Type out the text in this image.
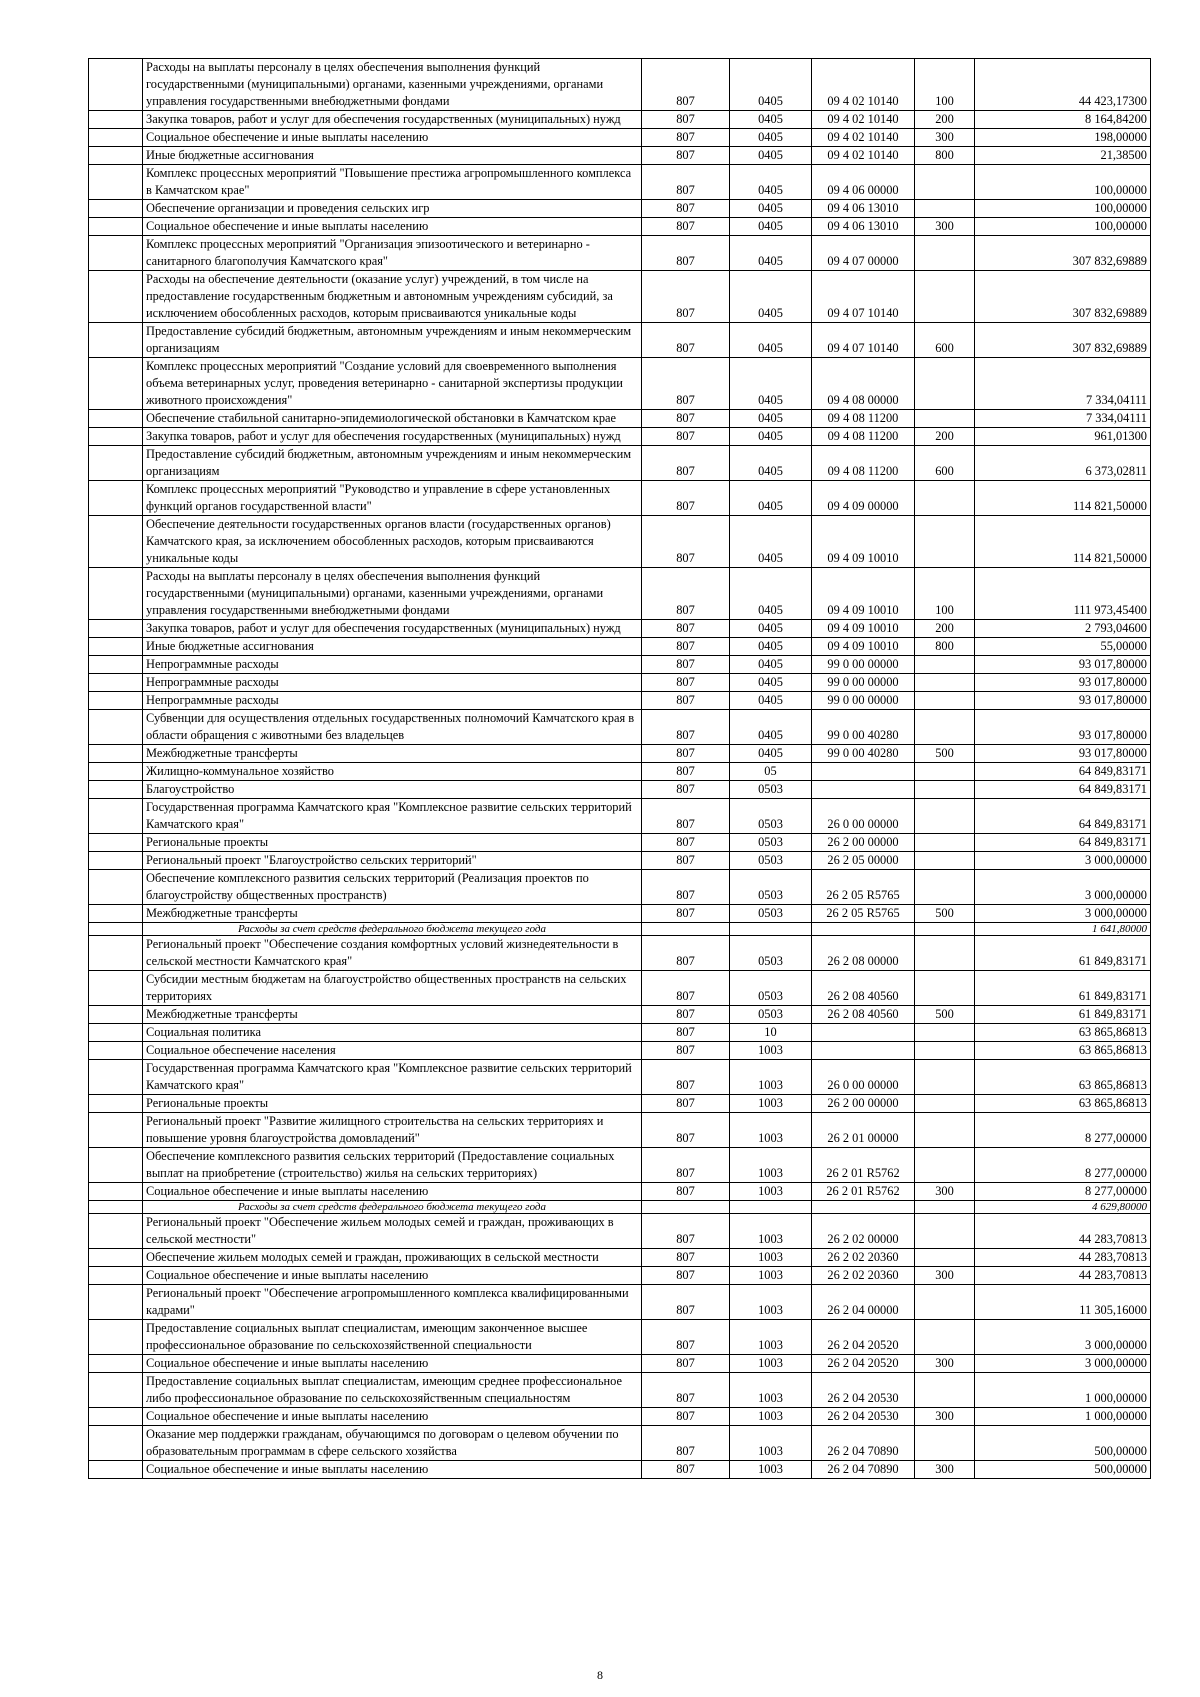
	Расходы на выплаты персоналу в целях обеспечения выполнения функций государственными (муниципальными) органами, казенными учреждениями, органами управления государственными внебюджетными фондами	807	0405	09 4 02 10140	100	44 423,17300
	Закупка товаров, работ и услуг для обеспечения государственных (муниципальных) нужд	807	0405	09 4 02 10140	200	8 164,84200
	Социальное обеспечение и иные выплаты населению	807	0405	09 4 02 10140	300	198,00000
	Иные бюджетные ассигнования	807	0405	09 4 02 10140	800	21,38500
	Комплекс процессных мероприятий "Повышение престижа агропромышленного комплекса в Камчатском крае"	807	0405	09 4 06 00000		100,00000
	Обеспечение организации и проведения сельских игр	807	0405	09 4 06 13010		100,00000
	Социальное обеспечение и иные выплаты населению	807	0405	09 4 06 13010	300	100,00000
	Комплекс процессных мероприятий "Организация эпизоотического и ветеринарно - санитарного благополучия Камчатского края"	807	0405	09 4 07 00000		307 832,69889
	Расходы на обеспечение деятельности (оказание услуг) учреждений, в том числе на предоставление государственным бюджетным и автономным учреждениям субсидий, за исключением обособленных расходов, которым присваиваются уникальные коды	807	0405	09 4 07 10140		307 832,69889
	Предоставление субсидий бюджетным, автономным учреждениям и иным некоммерческим организациям	807	0405	09 4 07 10140	600	307 832,69889
	Комплекс процессных мероприятий "Создание условий для своевременного выполнения объема ветеринарных услуг, проведения ветеринарно - санитарной экспертизы продукции животного происхождения"	807	0405	09 4 08 00000		7 334,04111
	Обеспечение стабильной санитарно-эпидемиологической обстановки в Камчатском крае	807	0405	09 4 08 11200		7 334,04111
	Закупка товаров, работ и услуг для обеспечения государственных (муниципальных) нужд	807	0405	09 4 08 11200	200	961,01300
	Предоставление субсидий бюджетным, автономным учреждениям и иным некоммерческим организациям	807	0405	09 4 08 11200	600	6 373,02811
	Комплекс процессных мероприятий "Руководство и управление в сфере установленных функций органов государственной власти"	807	0405	09 4 09 00000		114 821,50000
	Обеспечение деятельности государственных органов власти (государственных органов) Камчатского края, за исключением обособленных расходов, которым присваиваются уникальные коды	807	0405	09 4 09 10010		114 821,50000
	Расходы на выплаты персоналу в целях обеспечения выполнения функций государственными (муниципальными) органами, казенными учреждениями, органами управления государственными внебюджетными фондами	807	0405	09 4 09 10010	100	111 973,45400
	Закупка товаров, работ и услуг для обеспечения государственных (муниципальных) нужд	807	0405	09 4 09 10010	200	2 793,04600
	Иные бюджетные ассигнования	807	0405	09 4 09 10010	800	55,00000
	Непрограммные расходы	807	0405	99 0 00 00000		93 017,80000
	Непрограммные расходы	807	0405	99 0 00 00000		93 017,80000
	Непрограммные расходы	807	0405	99 0 00 00000		93 017,80000
	Субвенции для осуществления отдельных государственных полномочий Камчатского края в области обращения с животными без владельцев	807	0405	99 0 00 40280		93 017,80000
	Межбюджетные трансферты	807	0405	99 0 00 40280	500	93 017,80000
	Жилищно-коммунальное хозяйство	807	05			64 849,83171
	Благоустройство	807	0503			64 849,83171
	Государственная программа Камчатского края "Комплексное развитие сельских территорий Камчатского края"	807	0503	26 0 00 00000		64 849,83171
	Региональные проекты	807	0503	26 2 00 00000		64 849,83171
	Региональный проект "Благоустройство сельских территорий"	807	0503	26 2 05 00000		3 000,00000
	Обеспечение комплексного развития сельских территорий (Реализация проектов по благоустройству общественных пространств)	807	0503	26 2 05 R5765		3 000,00000
	Межбюджетные трансферты	807	0503	26 2 05 R5765	500	3 000,00000
	Расходы за счет средств федерального бюджета текущего года					1 641,80000
	Региональный проект "Обеспечение создания комфортных условий жизнедеятельности в сельской местности Камчатского края"	807	0503	26 2 08 00000		61 849,83171
	Субсидии местным бюджетам на благоустройство общественных пространств на сельских территориях	807	0503	26 2 08 40560		61 849,83171
	Межбюджетные трансферты	807	0503	26 2 08 40560	500	61 849,83171
	Социальная политика	807	10			63 865,86813
	Социальное обеспечение населения	807	1003			63 865,86813
	Государственная программа Камчатского края "Комплексное развитие сельских территорий Камчатского края"	807	1003	26 0 00 00000		63 865,86813
	Региональные проекты	807	1003	26 2 00 00000		63 865,86813
	Региональный проект "Развитие жилищного строительства на сельских территориях и повышение уровня благоустройства домовладений"	807	1003	26 2 01 00000		8 277,00000
	Обеспечение комплексного развития сельских территорий (Предоставление социальных выплат на приобретение (строительство) жилья на сельских территориях)	807	1003	26 2 01 R5762		8 277,00000
	Социальное обеспечение и иные выплаты населению	807	1003	26 2 01 R5762	300	8 277,00000
	Расходы за счет средств федерального бюджета текущего года					4 629,80000
	Региональный проект "Обеспечение жильем молодых семей и граждан, проживающих в сельской местности"	807	1003	26 2 02 00000		44 283,70813
	Обеспечение жильем молодых семей и граждан, проживающих в сельской местности	807	1003	26 2 02 20360		44 283,70813
	Социальное обеспечение и иные выплаты населению	807	1003	26 2 02 20360	300	44 283,70813
	Региональный проект "Обеспечение агропромышленного комплекса квалифицированными кадрами"	807	1003	26 2 04 00000		11 305,16000
	Предоставление социальных выплат специалистам, имеющим законченное высшее профессиональное образование по сельскохозяйственной специальности	807	1003	26 2 04 20520		3 000,00000
	Социальное обеспечение и иные выплаты населению	807	1003	26 2 04 20520	300	3 000,00000
	Предоставление социальных выплат специалистам, имеющим среднее профессиональное либо профессиональное образование по сельскохозяйственным специальностям	807	1003	26 2 04 20530		1 000,00000
	Социальное обеспечение и иные выплаты населению	807	1003	26 2 04 20530	300	1 000,00000
	Оказание мер поддержки гражданам, обучающимся по договорам о целевом обучении по образовательным программам в сфере сельского хозяйства	807	1003	26 2 04 70890		500,00000
	Социальное обеспечение и иные выплаты населению	807	1003	26 2 04 70890	300	500,00000
8
